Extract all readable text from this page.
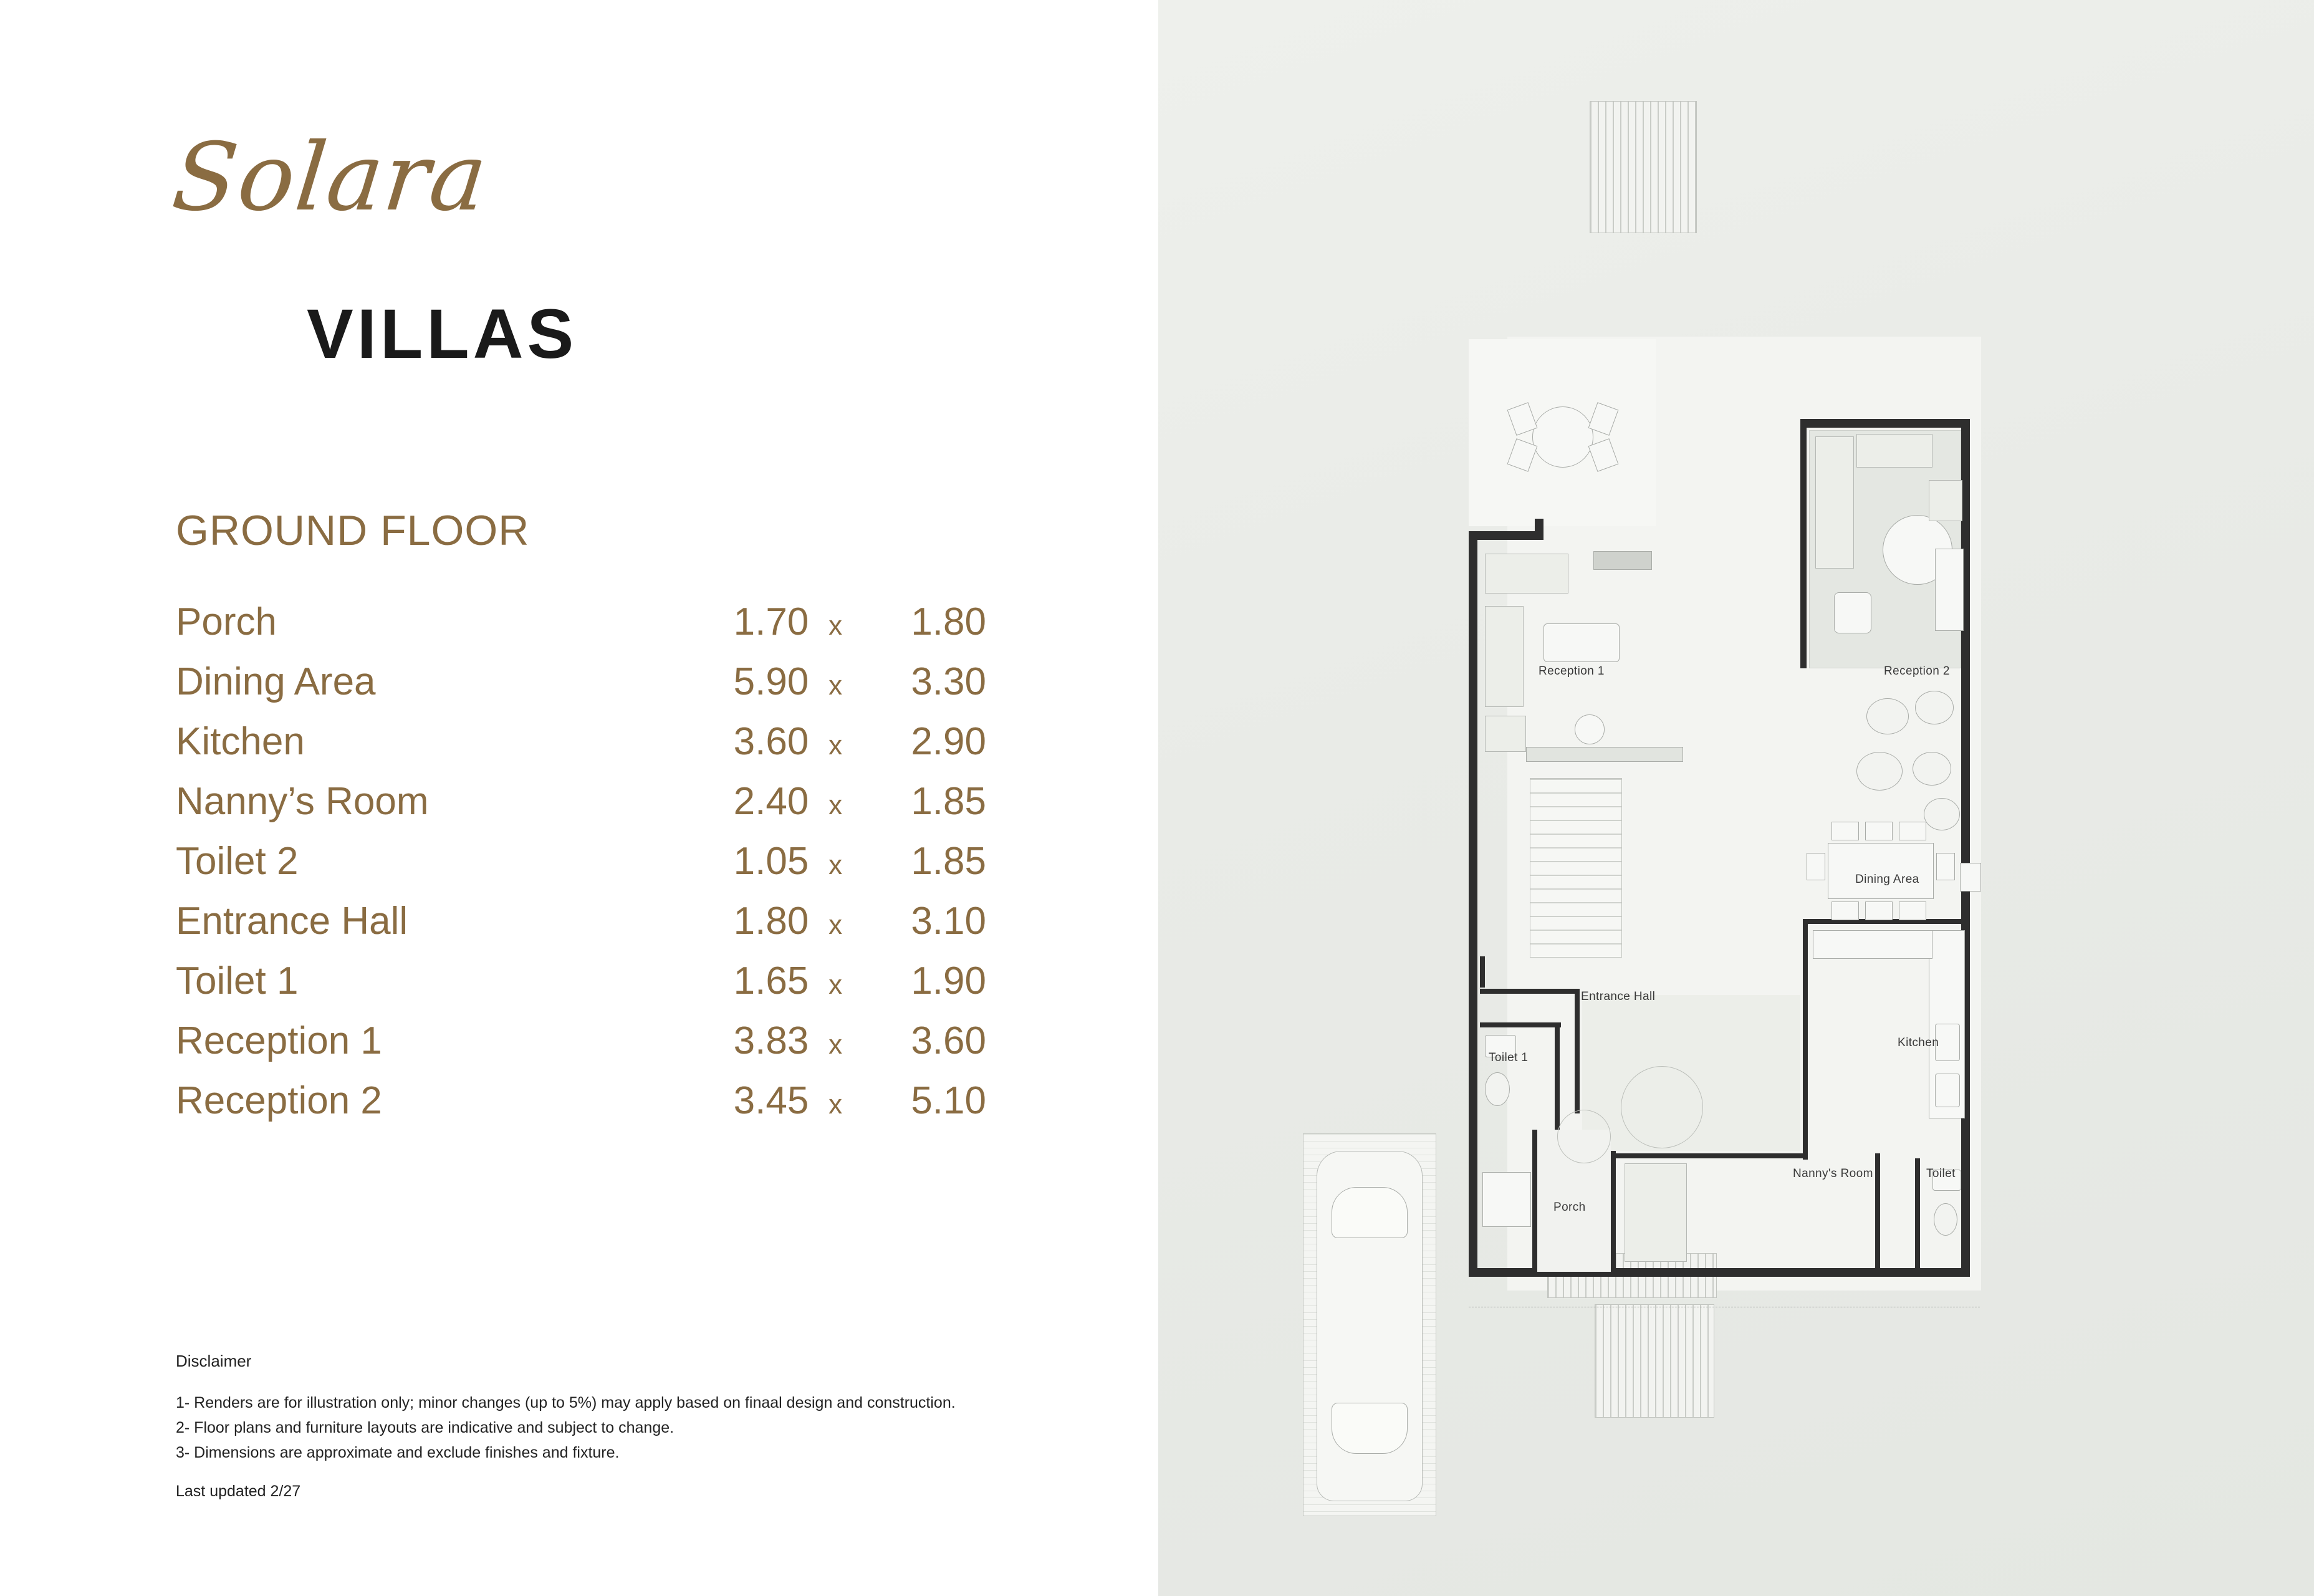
Solara
VILLAS
GROUND FLOOR
Porch	1.70 x	1.80
Dining Area	5.90 x	3.30
Kitchen	3.60 x	2.90
Nanny’s Room	2.40 x	1.85
Toilet 2	1.05 x	1.85
Entrance Hall	1.80 x	3.10
Toilet 1	1.65 x	1.90
Reception 1	3.83 x	3.60
Reception 2	3.45 x	5.10
Disclaimer
1- Renders are for illustration only; minor changes (up to 5%) may apply based on finaal design and construction.
2- Floor plans and furniture layouts are indicative and subject to change.
3- Dimensions are approximate and exclude finishes and fixture.
Last updated 2/27
Reception 1	Reception 2
Dining Area
Kitchen
Entrance Hall
Toilet 1
Nanny's Room	Toilet
Porch
